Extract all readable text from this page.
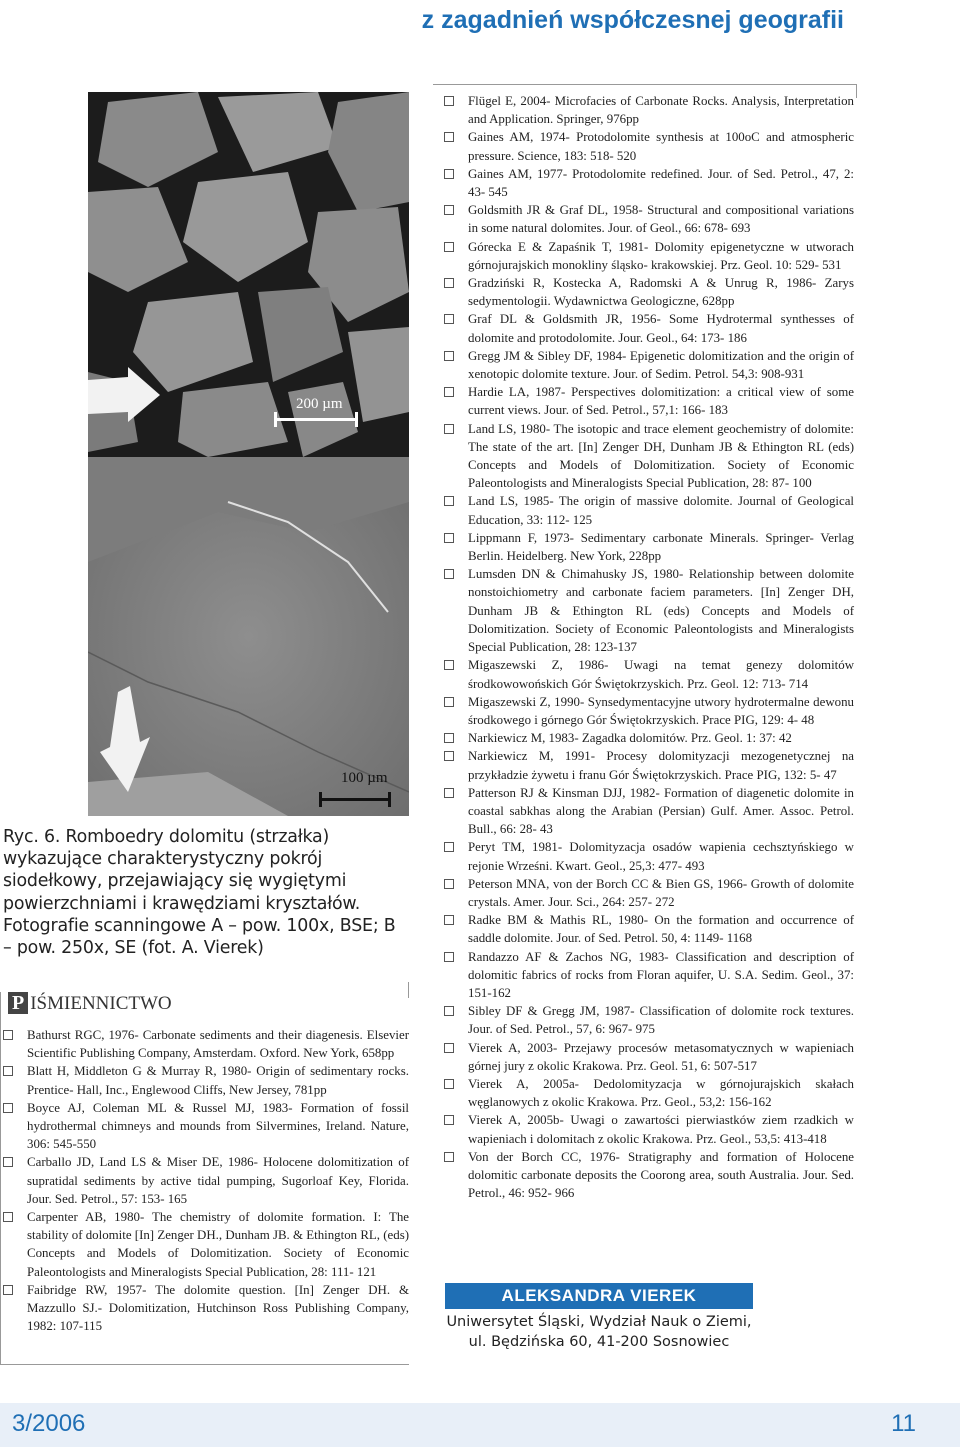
z zagadnień współczesnej geografii
200 µm
100 µm
Ryc. 6. Romboedry dolomitu (strzałka) wykazujące charakterystyczny pokrój siodełkowy, przejawiający się wygiętymi powierzchniami i krawędziami kryształów. Fotografie scanningowe A – pow. 100x, BSE; B – pow. 250x, SE (fot. A. Vierek)
P IŚMIENNICTWO
Bathurst RGC, 1976- Carbonate sediments and their diagenesis. Elsevier Scientific Publishing Company, Amsterdam. Oxford. New York, 658pp
Blatt H, Middleton G & Murray R, 1980- Origin of sedimentary rocks. Prentice- Hall, Inc., Englewood Cliffs, New Jersey, 781pp
Boyce AJ, Coleman ML & Russel MJ, 1983- Formation of fossil hydrothermal chimneys and mounds from Silvermines, Ireland. Nature, 306: 545-550
Carballo JD, Land LS & Miser DE, 1986- Holocene dolomitization of supratidal sediments by active tidal pumping, Sugorloaf Key, Florida. Jour. Sed. Petrol., 57: 153- 165
Carpenter AB, 1980- The chemistry of dolomite formation. I: The stability of dolomite [In] Zenger DH., Dunham JB. & Ethington RL, (eds) Concepts and Models of Dolomitization. Society of Economic Paleontologists and Mineralogists Special Publication, 28: 111- 121
Faibridge RW, 1957- The dolomite question. [In] Zenger DH. & Mazzullo SJ.- Dolomitization, Hutchinson Ross Publishing Company, 1982: 107-115
Flügel E, 2004- Microfacies of Carbonate Rocks. Analysis, Interpretation and Application. Springer, 976pp
Gaines AM, 1974- Protodolomite synthesis at 100oC and atmospheric pressure. Science, 183: 518- 520
Gaines AM, 1977- Protodolomite redefined. Jour. of Sed. Petrol., 47, 2: 43- 545
Goldsmith JR & Graf DL, 1958- Structural and compositional variations in some natural dolomites. Jour. of Geol., 66: 678- 693
Górecka E & Zapaśnik T, 1981- Dolomity epigenetyczne w utworach górnojurajskich monokliny śląsko- krakowskiej. Prz. Geol. 10: 529- 531
Gradziński R, Kostecka A, Radomski A & Unrug R, 1986- Zarys sedymentologii. Wydawnictwa Geologiczne, 628pp
Graf DL & Goldsmith JR, 1956- Some Hydrotermal synthesses of dolomite and protodolomite. Jour. Geol., 64: 173- 186
Gregg JM & Sibley DF, 1984- Epigenetic dolomitization and the origin of xenotopic dolomite texture. Jour. of Sedim. Petrol. 54,3: 908-931
Hardie LA, 1987- Perspectives dolomitization: a critical view of some current views. Jour. of Sed. Petrol., 57,1: 166- 183
Land LS, 1980- The isotopic and trace element geochemistry of dolomite: The state of the art. [In] Zenger DH, Dunham JB & Ethington RL (eds) Concepts and Models of Dolomitization. Society of Economic Paleontologists and Mineralogists Special Publication, 28: 87- 100
Land LS, 1985- The origin of massive dolomite. Journal of Geological Education, 33: 112- 125
Lippmann F, 1973- Sedimentary carbonate Minerals. Springer- Verlag Berlin. Heidelberg. New York, 228pp
Lumsden DN & Chimahusky JS, 1980- Relationship between dolomite nonstoichiometry and carbonate faciem parameters. [In] Zenger DH, Dunham JB & Ethington RL (eds) Concepts and Models of Dolomitization. Society of Economic Paleontologists and Mineralogists Special Publication, 28: 123-137
Migaszewski Z, 1986- Uwagi na temat genezy dolomitów środkowowońskich Gór Świętokrzyskich. Prz. Geol. 12: 713- 714
Migaszewski Z, 1990- Synsedymentacyjne utwory hydrotermalne dewonu środkowego i górnego Gór Świętokrzyskich. Prace PIG, 129: 4- 48
Narkiewicz M, 1983- Zagadka dolomitów. Prz. Geol. 1: 37: 42
Narkiewicz M, 1991- Procesy dolomityzacji mezogenetycznej na przykładzie żywetu i franu Gór Świętokrzyskich. Prace PIG, 132: 5- 47
Patterson RJ & Kinsman DJJ, 1982- Formation of diagenetic dolomite in coastal sabkhas along the Arabian (Persian) Gulf. Amer. Assoc. Petrol. Bull., 66: 28- 43
Peryt TM, 1981- Dolomityzacja osadów wapienia cechsztyńskiego w rejonie Wrześni. Kwart. Geol., 25,3: 477- 493
Peterson MNA, von der Borch CC & Bien GS, 1966- Growth of dolomite crystals. Amer. Jour. Sci., 264: 257- 272
Radke BM & Mathis RL, 1980- On the formation and occurrence of saddle dolomite. Jour. of Sed. Petrol. 50, 4: 1149- 1168
Randazzo AF & Zachos NG, 1983- Classification and description of dolomitic fabrics of rocks from Floran aquifer, U. S.A. Sedim. Geol., 37: 151-162
Sibley DF & Gregg JM, 1987- Classification of dolomite rock textures. Jour. of Sed. Petrol., 57, 6: 967- 975
Vierek A, 2003- Przejawy procesów metasomatycznych w wapieniach górnej jury z okolic Krakowa. Prz. Geol. 51, 6: 507-517
Vierek A, 2005a- Dedolomityzacja w górnojurajskich skałach węglanowych z okolic Krakowa. Prz. Geol., 53,2: 156-162
Vierek A, 2005b- Uwagi o zawartości pierwiastków ziem rzadkich w wapieniach i dolomitach z okolic Krakowa. Prz. Geol., 53,5: 413-418
Von der Borch CC, 1976- Stratigraphy and formation of Holocene dolomitic carbonate deposits the Coorong area, south Australia. Jour. Sed. Petrol., 46: 952- 966
ALEKSANDRA VIEREK
Uniwersytet Śląski, Wydział Nauk o Ziemi,
ul. Będzińska 60, 41-200 Sosnowiec
3/2006	11
